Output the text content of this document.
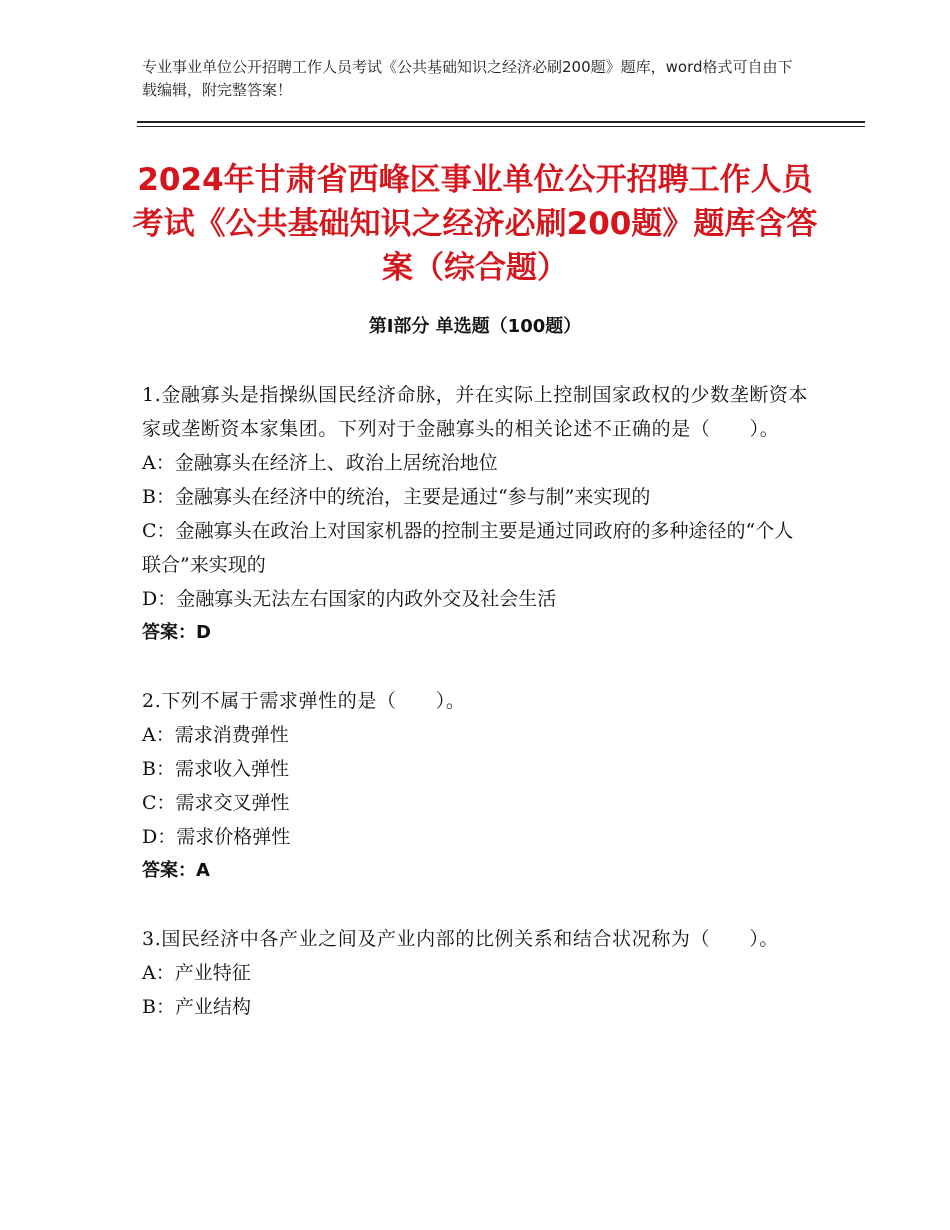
专业事业单位公开招聘工作人员考试《公共基础知识之经济必刷200题》题库，word格式可自由下载编辑，附完整答案！
2024年甘肃省西峰区事业单位公开招聘工作人员考试《公共基础知识之经济必刷200题》题库含答案（综合题）
第Ⅰ部分 单选题（100题）
1.金融寡头是指操纵国民经济命脉，并在实际上控制国家政权的少数垄断资本家或垄断资本家集团。下列对于金融寡头的相关论述不正确的是（　　）。
A：金融寡头在经济上、政治上居统治地位
B：金融寡头在经济中的统治，主要是通过“参与制”来实现的
C：金融寡头在政治上对国家机器的控制主要是通过同政府的多种途径的“个人联合”来实现的
D：金融寡头无法左右国家的内政外交及社会生活
答案：D
2.下列不属于需求弹性的是（　　）。
A：需求消费弹性
B：需求收入弹性
C：需求交叉弹性
D：需求价格弹性
答案：A
3.国民经济中各产业之间及产业内部的比例关系和结合状况称为（　　）。
A：产业特征
B：产业结构
